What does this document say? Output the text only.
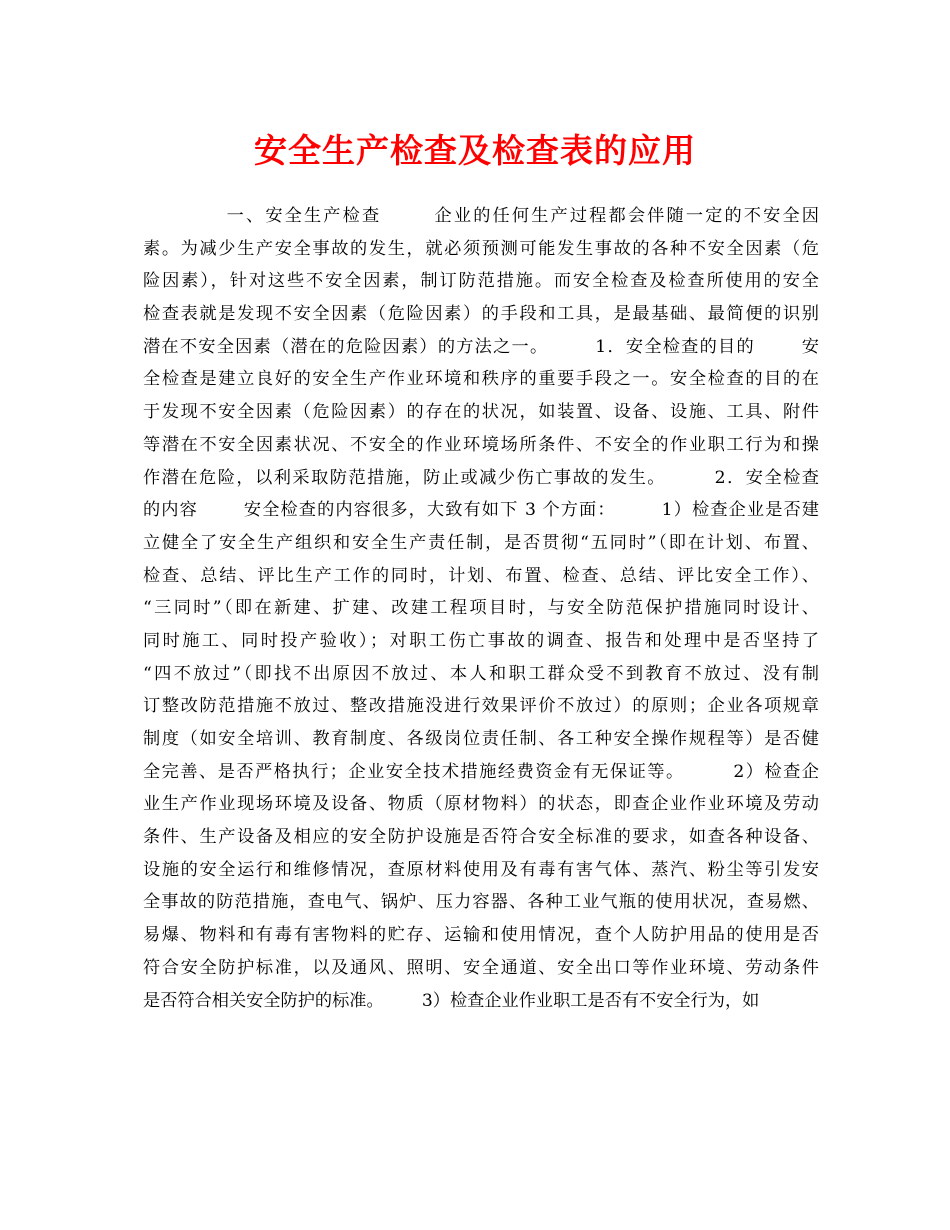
安全生产检查及检查表的应用
一、安全生产检查       企业的任何生产过程都会伴随一定的不安全因
素。为减少生产安全事故的发生，就必须预测可能发生事故的各种不安全因素（危
险因素），针对这些不安全因素，制订防范措施。而安全检查及检查所使用的安全
检查表就是发现不安全因素（危险因素）的手段和工具，是最基础、最简便的识别
潜在不安全因素（潜在的危险因素）的方法之一。       1．安全检查的目的       安
全检查是建立良好的安全生产作业环境和秩序的重要手段之一。安全检查的目的在
于发现不安全因素（危险因素）的存在的状况，如装置、设备、设施、工具、附件
等潜在不安全因素状况、不安全的作业环境场所条件、不安全的作业职工行为和操
作潜在危险，以利采取防范措施，防止或减少伤亡事故的发生。       2．安全检查
的内容       安全检查的内容很多，大致有如下 3 个方面：       1）检查企业是否建
立健全了安全生产组织和安全生产责任制，是否贯彻“五同时”（即在计划、布置、
检查、总结、评比生产工作的同时，计划、布置、检查、总结、评比安全工作）、
“三同时”（即在新建、扩建、改建工程项目时，与安全防范保护措施同时设计、
同时施工、同时投产验收）；对职工伤亡事故的调查、报告和处理中是否坚持了
“四不放过”（即找不出原因不放过、本人和职工群众受不到教育不放过、没有制
订整改防范措施不放过、整改措施没进行效果评价不放过）的原则；企业各项规章
制度（如安全培训、教育制度、各级岗位责任制、各工种安全操作规程等）是否健
全完善、是否严格执行；企业安全技术措施经费资金有无保证等。       2）检查企
业生产作业现场环境及设备、物质（原材物料）的状态，即查企业作业环境及劳动
条件、生产设备及相应的安全防护设施是否符合安全标准的要求，如查各种设备、
设施的安全运行和维修情况，查原材料使用及有毒有害气体、蒸汽、粉尘等引发安
全事故的防范措施，查电气、锅炉、压力容器、各种工业气瓶的使用状况，查易燃、
易爆、物料和有毒有害物料的贮存、运输和使用情况，查个人防护用品的使用是否
符合安全防护标准，以及通风、照明、安全通道、安全出口等作业环境、劳动条件
是否符合相关安全防护的标准。       3）检查企业作业职工是否有不安全行为，如
